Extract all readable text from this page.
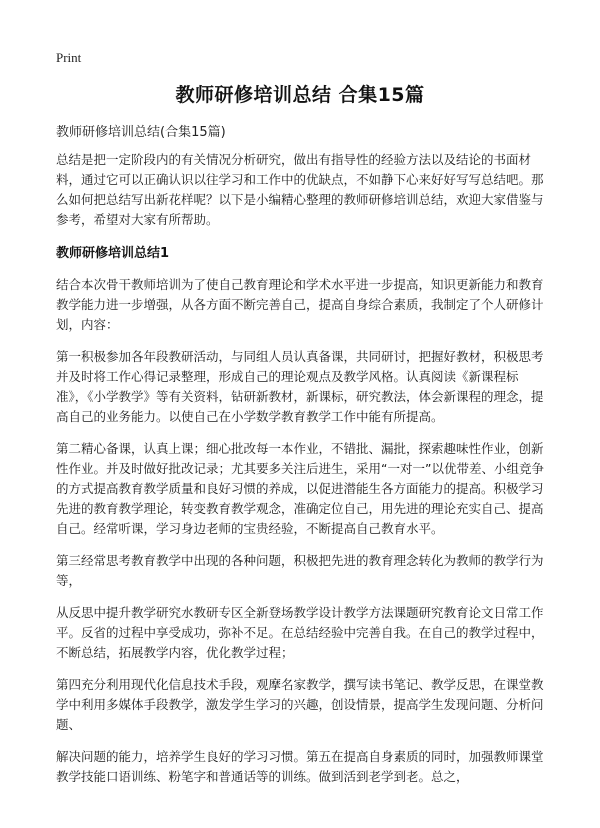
Print
教师研修培训总结 合集15篇
教师研修培训总结(合集15篇)

总结是把一定阶段内的有关情况分析研究，做出有指导性的经验方法以及结论的书面材料，通过它可以正确认识以往学习和工作中的优缺点，不如静下心来好好写写总结吧。那么如何把总结写出新花样呢？以下是小编精心整理的教师研修培训总结，欢迎大家借鉴与参考，希望对大家有所帮助。

教师研修培训总结1

结合本次骨干教师培训为了使自己教育理论和学术水平进一步提高，知识更新能力和教育教学能力进一步增强，从各方面不断完善自己，提高自身综合素质，我制定了个人研修计划，内容：

第一积极参加各年段教研活动，与同组人员认真备课，共同研讨，把握好教材，积极思考并及时将工作心得记录整理，形成自己的理论观点及教学风格。认真阅读《新课程标准》，《小学教学》等有关资料，钻研新教材，新课标，研究教法，体会新课程的理念，提高自己的业务能力。以使自己在小学数学教育教学工作中能有所提高。

第二精心备课，认真上课；细心批改每一本作业，不错批、漏批，探索趣味性作业，创新性作业。并及时做好批改记录；尤其要多关注后进生，采用“一对一”以优带差、小组竞争的方式提高教育教学质量和良好习惯的养成，以促进潜能生各方面能力的提高。积极学习先进的教育教学理论，转变教育教学观念，准确定位自己，用先进的理论充实自己、提高自己。经常听课，学习身边老师的宝贵经验，不断提高自己教育水平。

第三经常思考教育教学中出现的各种问题，积极把先进的教育理念转化为教师的教学行为等，

从反思中提升教学研究水教研专区全新登场教学设计教学方法课题研究教育论文日常工作平。反省的过程中享受成功，弥补不足。在总结经验中完善自我。在自己的教学过程中，不断总结，拓展教学内容，优化教学过程；

第四充分利用现代化信息技术手段，观摩名家教学，撰写读书笔记、教学反思，在课堂教学中利用多媒体手段教学，激发学生学习的兴趣，创设情景，提高学生发现问题、分析问题、

解决问题的能力，培养学生良好的学习习惯。第五在提高自身素质的同时，加强教师课堂教学技能口语训练、粉笔字和普通话等的训练。做到活到老学到老。总之，
